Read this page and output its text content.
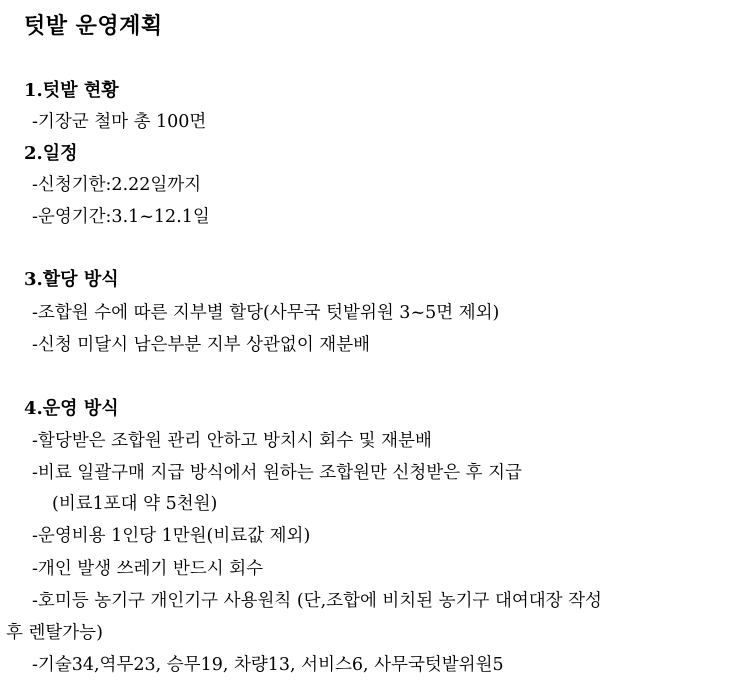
텃밭 운영계획
1.텃밭 현황
-기장군 철마 총 100면
2.일정
-신청기한:2.22일까지
-운영기간:3.1~12.1일
3.할당 방식
-조합원 수에 따른 지부별 할당(사무국 텃밭위원 3~5면 제외)
-신청 미달시 남은부분 지부 상관없이 재분배
4.운영 방식
-할당받은 조합원 관리 안하고 방치시 회수 및 재분배
-비료 일괄구매 지급 방식에서 원하는 조합원만 신청받은 후 지급
(비료1포대 약 5천원)
-운영비용 1인당 1만원(비료값 제외)
-개인 발생 쓰레기 반드시 회수
-호미등 농기구 개인기구 사용원칙 (단,조합에 비치된 농기구 대여대장 작성
후 렌탈가능)
-기술34,역무23, 승무19, 차량13, 서비스6, 사무국텃밭위원5
